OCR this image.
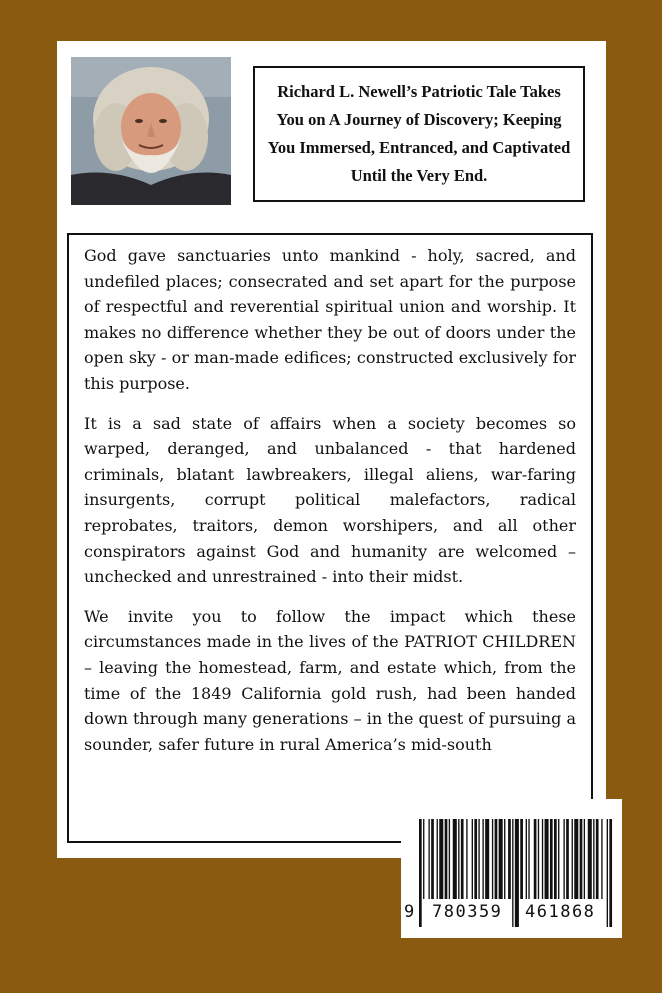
Richard L. Newell’s Patriotic Tale Takes You on A Journey of Discovery; Keeping You Immersed, Entranced, and Captivated Until the Very End.

God gave sanctuaries unto mankind - holy, sacred, and undefiled places; consecrated and set apart for the purpose of respectful and reverential spiritual union and worship. It makes no difference whether they be out of doors under the open sky - or man-made edifices; constructed exclusively for this purpose.

It is a sad state of affairs when a society becomes so warped, deranged, and unbalanced - that hardened criminals, blatant lawbreakers, illegal aliens, war-faring insurgents, corrupt political malefactors, radical reprobates, traitors, demon worshipers, and all other conspirators against God and humanity are welcomed – unchecked and unrestrained - into their midst.

We invite you to follow the impact which these circumstances made in the lives of the PATRIOT CHILDREN – leaving the homestead, farm, and estate which, from the time of the 1849 California gold rush, had been handed down through many generations – in the quest of pursuing a sounder, safer future in rural America’s mid-south

9 780359 461868
